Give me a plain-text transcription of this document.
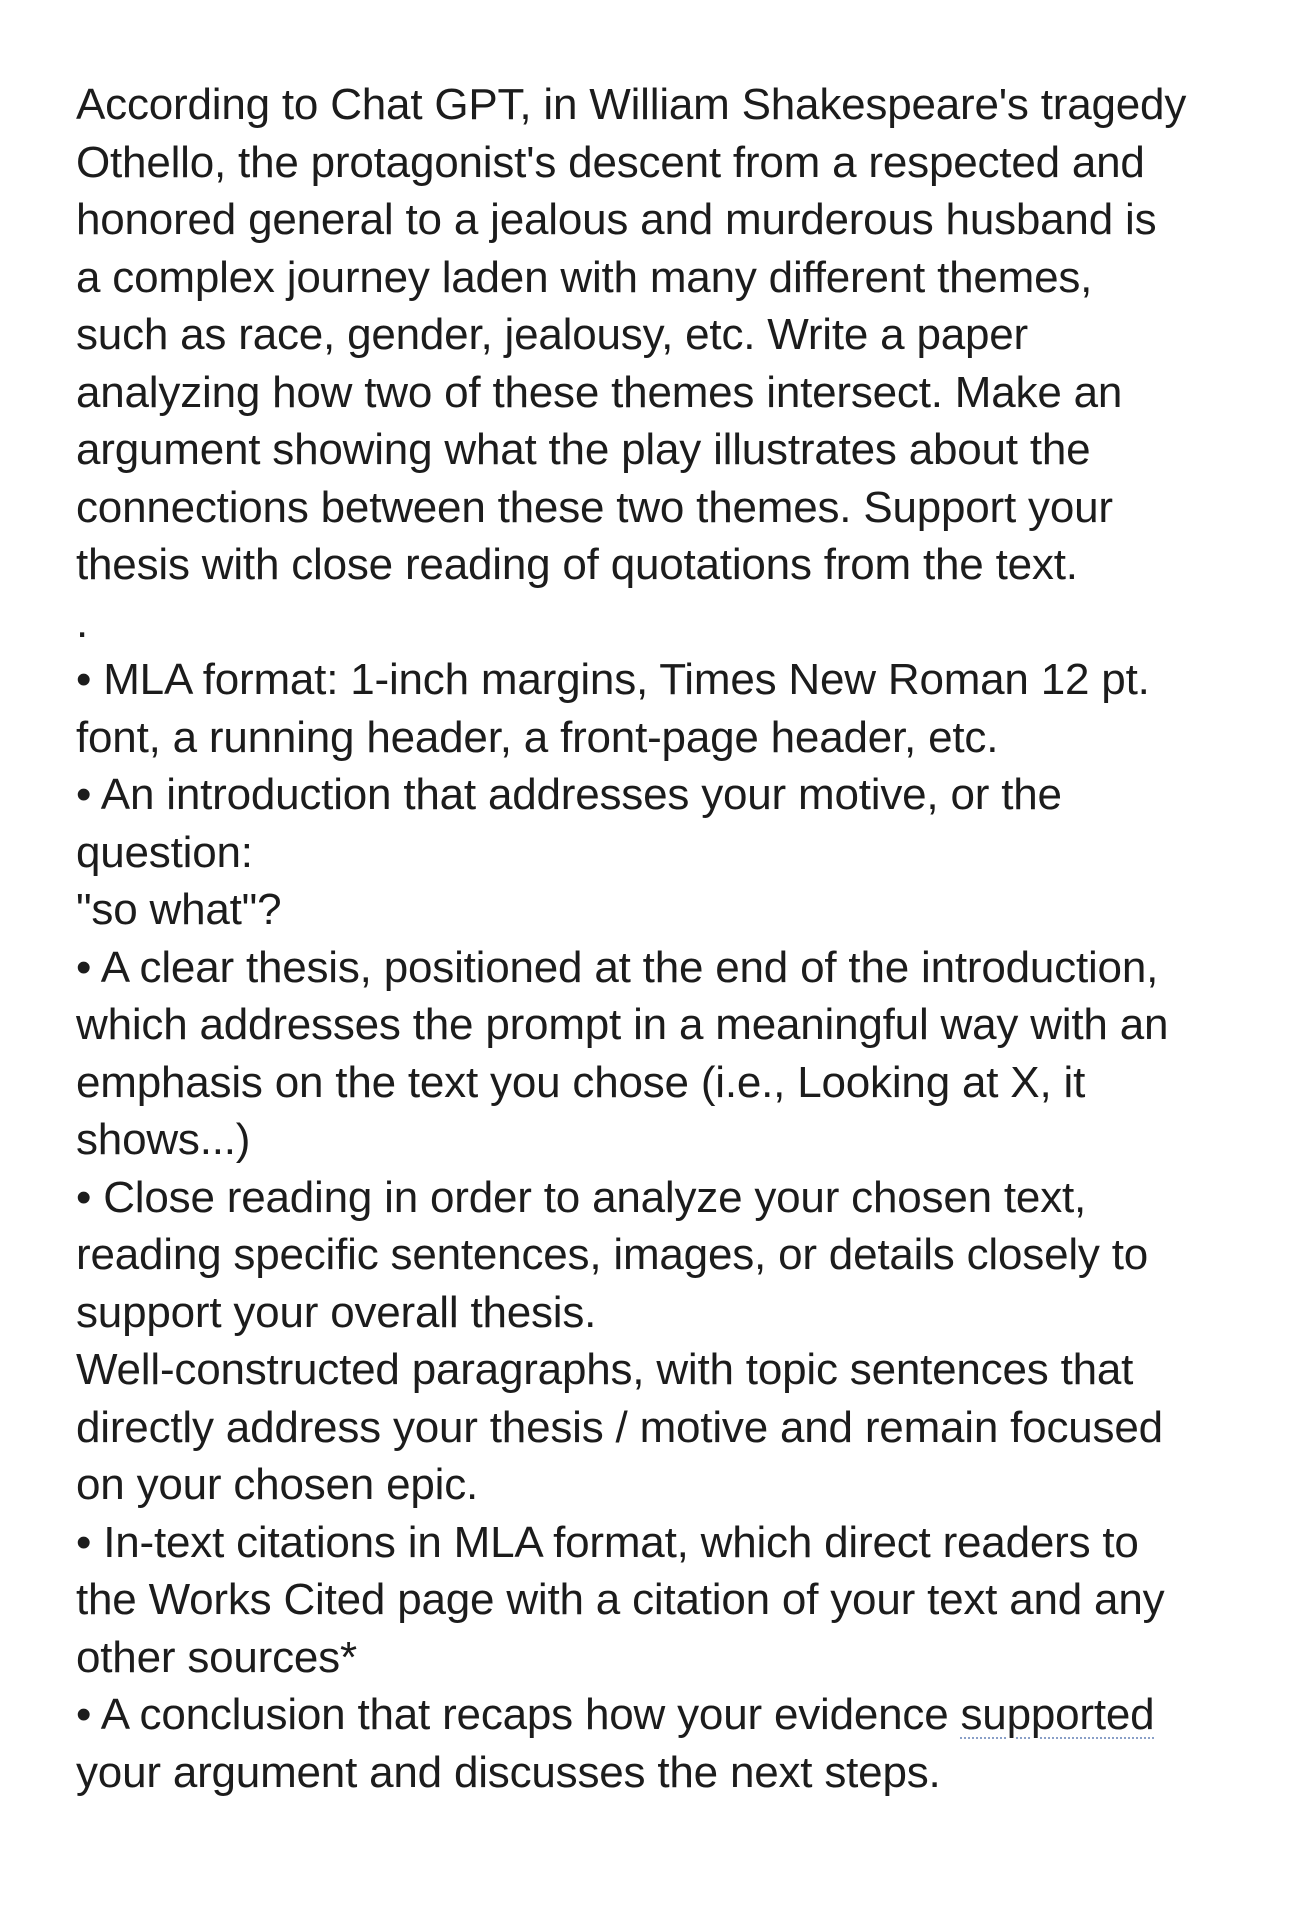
According to Chat GPT, in William Shakespeare's tragedy
Othello, the protagonist's descent from a respected and
honored general to a jealous and murderous husband is
a complex journey laden with many different themes,
such as race, gender, jealousy, etc. Write a paper
analyzing how two of these themes intersect. Make an
argument showing what the play illustrates about the
connections between these two themes. Support your
thesis with close reading of quotations from the text.
.
• MLA format: 1-inch margins, Times New Roman 12 pt.
font, a running header, a front-page header, etc.
• An introduction that addresses your motive, or the
question:
"so what"?
• A clear thesis, positioned at the end of the introduction,
which addresses the prompt in a meaningful way with an
emphasis on the text you chose (i.e., Looking at X, it
shows...)
• Close reading in order to analyze your chosen text,
reading specific sentences, images, or details closely to
support your overall thesis.
Well-constructed paragraphs, with topic sentences that
directly address your thesis / motive and remain focused
on your chosen epic.
• In-text citations in MLA format, which direct readers to
the Works Cited page with a citation of your text and any
other sources*
• A conclusion that recaps how your evidence supported
your argument and discusses the next steps.
